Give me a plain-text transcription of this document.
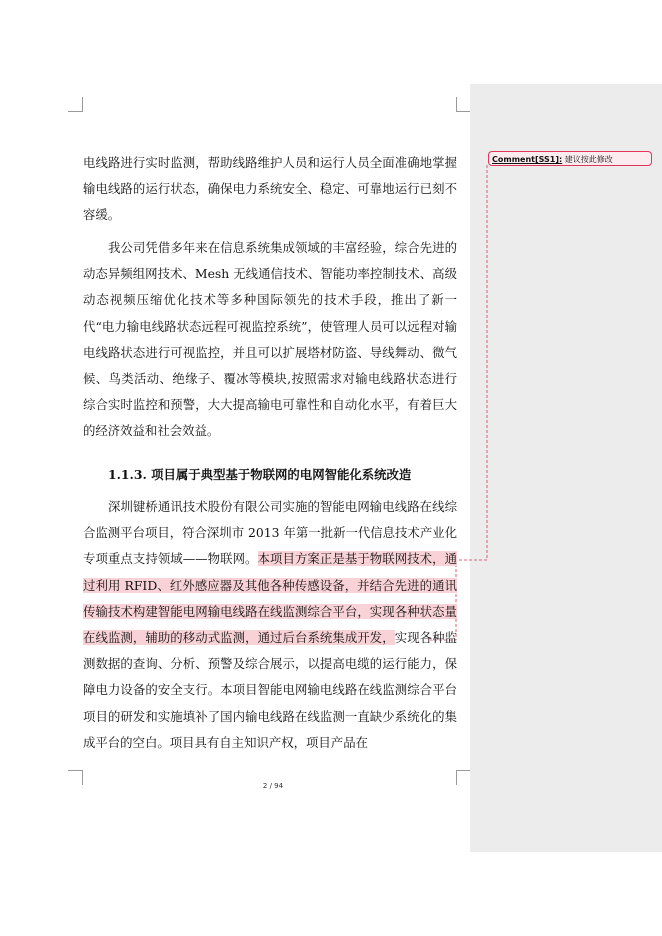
Comment[SS1]: 建议按此修改
电线路进行实时监测，帮助线路维护人员和运行人员全面准确地掌握输电线路的运行状态，确保电力系统安全、稳定、可靠地运行已刻不容缓。
我公司凭借多年来在信息系统集成领域的丰富经验，综合先进的动态异频组网技术、Mesh 无线通信技术、智能功率控制技术、高级动态视频压缩优化技术等多种国际领先的技术手段，推出了新一代“电力输电线路状态远程可视监控系统”，使管理人员可以远程对输电线路状态进行可视监控，并且可以扩展塔材防盗、导线舞动、微气候、鸟类活动、绝缘子、覆冰等模块,按照需求对输电线路状态进行综合实时监控和预警，大大提高输电可靠性和自动化水平，有着巨大的经济效益和社会效益。
1.1.3. 项目属于典型基于物联网的电网智能化系统改造
深圳键桥通讯技术股份有限公司实施的智能电网输电线路在线综合监测平台项目，符合深圳市 2013 年第一批新一代信息技术产业化专项重点支持领域——物联网。本项目方案正是基于物联网技术，通过利用 RFID、红外感应器及其他各种传感设备，并结合先进的通讯传输技术构建智能电网输电线路在线监测综合平台，实现各种状态量在线监测，辅助的移动式监测，通过后台系统集成开发，实现各种监测数据的查询、分析、预警及综合展示，以提高电缆的运行能力，保障电力设备的安全支行。本项目智能电网输电线路在线监测综合平台项目的研发和实施填补了国内输电线路在线监测一直缺少系统化的集成平台的空白。项目具有自主知识产权，项目产品在
2 / 94
